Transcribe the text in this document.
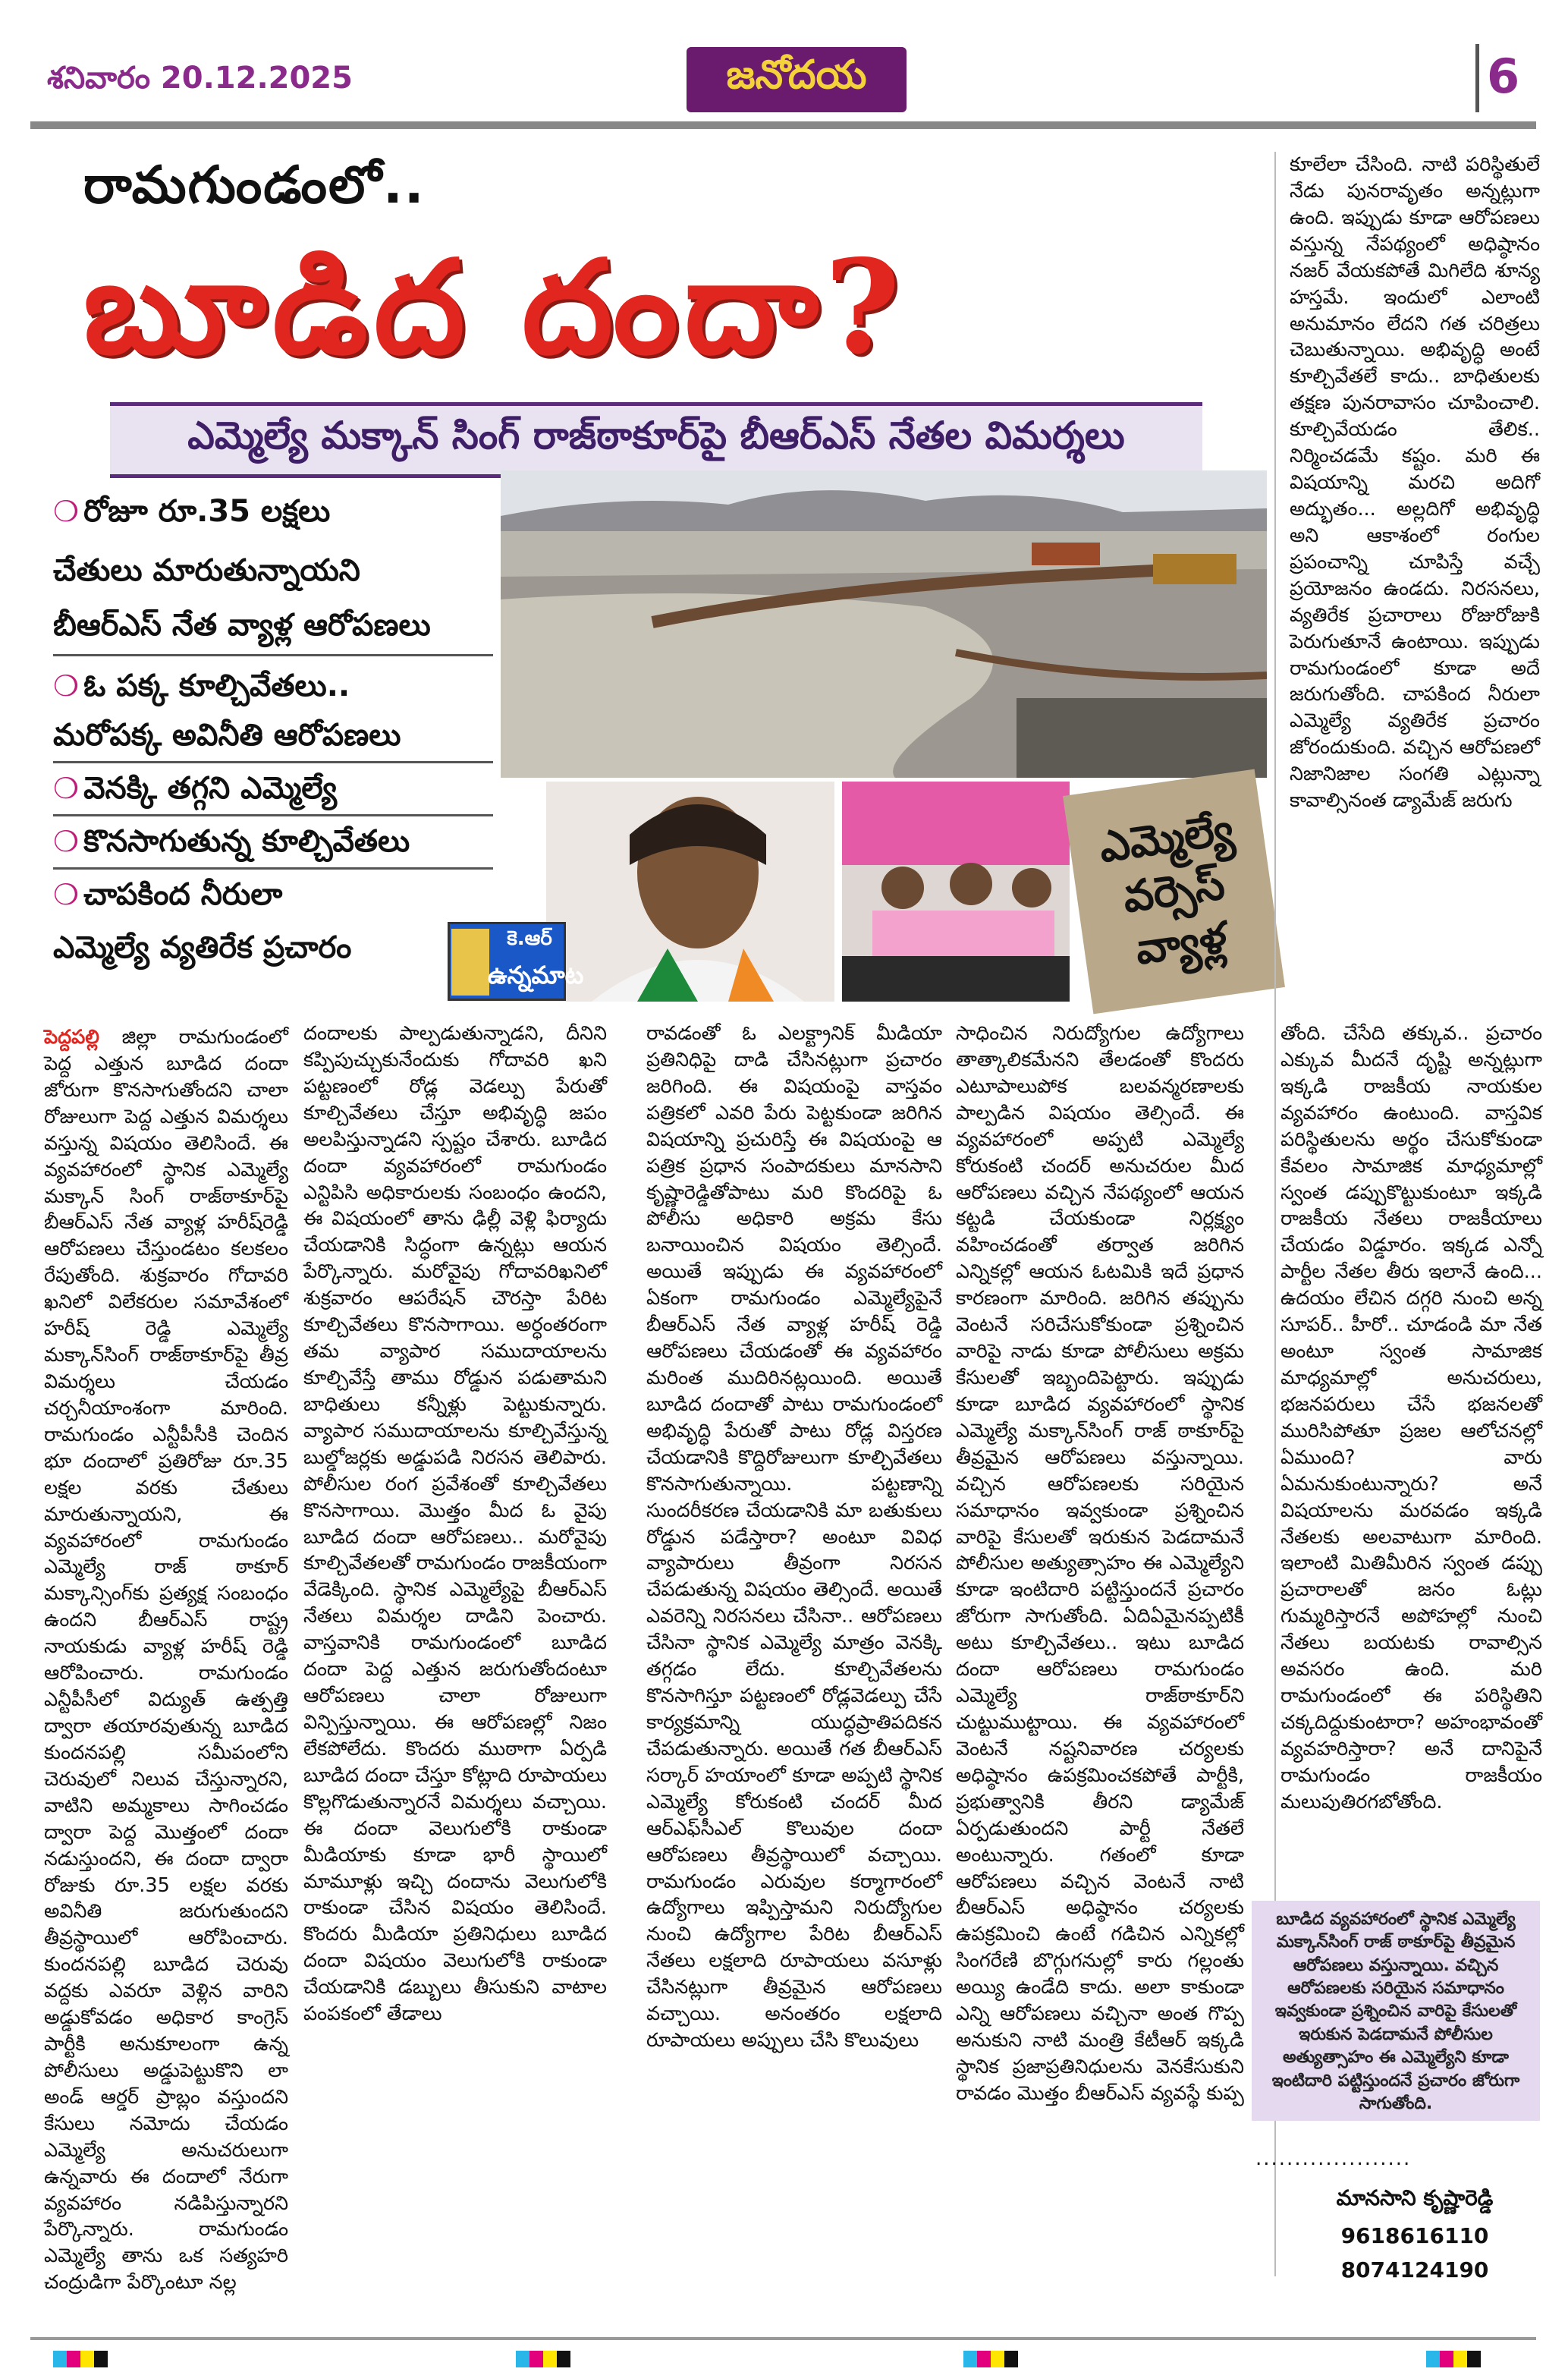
శనివారం 20.12.2025	జనోదయ	6
రామగుండంలో..
బూడిద దందా?
ఎమ్మెల్యే మక్కాన్ సింగ్ రాజ్‌ఠాకూర్‌పై బీఆర్ఎస్ నేతల విమర్శలు
❍ రోజూ రూ.35 లక్షలు
చేతులు మారుతున్నాయని
బీఆర్ఎస్ నేత వ్యాళ్ల ఆరోపణలు
❍ ఓ పక్క కూల్చివేతలు..
మరోపక్క అవినీతి ఆరోపణలు
❍ వెనక్కి తగ్గని ఎమ్మెల్యే
❍ కొనసాగుతున్న కూల్చివేతలు
❍ చాపకింద నీరులా
ఎమ్మెల్యే వ్యతిరేక ప్రచారం
ఎమ్మెల్యే
వర్సెస్
వ్యాళ్ల
కె.ఆర్
ఉన్నమాట
కూలేలా చేసింది. నాటి పరిస్థితులే నేడు పునరావృతం అన్నట్లుగా ఉంది. ఇప్పుడు కూడా ఆరోపణలు వస్తున్న నేపథ్యంలో అధిష్ఠానం నజర్ వేయకపోతే మిగిలేది శూన్య హస్తమే. ఇందులో ఎలాంటి అనుమానం లేదని గత చరిత్రలు చెబుతున్నాయి. అభివృద్ధి అంటే కూల్చివేతలే కాదు.. బాధితులకు తక్షణ పునరావాసం చూపించాలి. కూల్చివేయడం తేలిక.. నిర్మించడమే కష్టం. మరి ఈ విషయాన్ని మరచి అదిగో అద్భుతం... అల్లదిగో అభివృద్ధి అని ఆకాశంలో రంగుల ప్రపంచాన్ని చూపిస్తే వచ్చే ప్రయోజనం ఉండదు. నిరసనలు, వ్యతిరేక ప్రచారాలు రోజురోజుకి పెరుగుతూనే ఉంటాయి. ఇప్పుడు రామగుండంలో కూడా అదే జరుగుతోంది. చాపకింద నీరులా ఎమ్మెల్యే వ్యతిరేక ప్రచారం జోరందుకుంది. వచ్చిన ఆరోపణలో నిజానిజాల సంగతి ఎట్లున్నా కావాల్సినంత డ్యామేజ్ జరుగు
పెద్దపల్లి జిల్లా రామగుండంలో పెద్ద ఎత్తున బూడిద దందా జోరుగా కొనసాగుతోందని చాలా రోజులుగా పెద్ద ఎత్తున విమర్శలు వస్తున్న విషయం తెలిసిందే. ఈ వ్యవహారంలో స్థానిక ఎమ్మెల్యే మక్కాన్ సింగ్ రాజ్‌ఠాకూర్‌పై బీఆర్ఎస్ నేత వ్యాళ్ల హరీష్‌రెడ్డి ఆరోపణలు చేస్తుండటం కలకలం రేపుతోంది. శుక్రవారం గోదావరి ఖనిలో విలేకరుల సమావేశంలో హరీష్ రెడ్డి ఎమ్మెల్యే మక్కాన్‌సింగ్ రాజ్‌ఠాకూర్‌పై తీవ్ర విమర్శలు చేయడం చర్చనీయాంశంగా మారింది. రామగుండం ఎన్టీపీసీకి చెందిన భూ దందాలో ప్రతిరోజు రూ.35 లక్షల వరకు చేతులు మారుతున్నాయని, ఈ వ్యవహారంలో రామగుండం ఎమ్మెల్యే రాజ్ ఠాకూర్ మక్కాన్సింగ్‌కు ప్రత్యక్ష సంబంధం ఉందని బీఆర్ఎస్ రాష్ట్ర నాయకుడు వ్యాళ్ల హరీష్ రెడ్డి ఆరోపించారు. రామగుండం ఎన్టీపీసీలో విద్యుత్ ఉత్పత్తి ద్వారా తయారవుతున్న బూడిద కుందనపల్లి సమీపంలోని చెరువులో నిలువ చేస్తున్నారని, వాటిని అమ్మకాలు సాగించడం ద్వారా పెద్ద మొత్తంలో దందా నడుస్తుందని, ఈ దందా ద్వారా రోజుకు రూ.35 లక్షల వరకు అవినీతి జరుగుతుందని తీవ్రస్థాయిలో ఆరోపించారు. కుందనపల్లి బూడిద చెరువు వద్దకు ఎవరూ వెళ్లిన వారిని అడ్డుకోవడం అధికార కాంగ్రెస్ పార్టీకి అనుకూలంగా ఉన్న పోలీసులు అడ్డుపెట్టుకొని లా అండ్ ఆర్డర్ ప్రాబ్లం వస్తుందని కేసులు నమోదు చేయడం ఎమ్మెల్యే అనుచరులుగా ఉన్నవారు ఈ దందాలో నేరుగా వ్యవహారం నడిపిస్తున్నారని పేర్కొన్నారు. రామగుండం ఎమ్మెల్యే తాను ఒక సత్యహరి చంద్రుడిగా పేర్కొంటూ నల్ల
దందాలకు పాల్పడుతున్నాడని, దీనిని కప్పిపుచ్చుకునేందుకు గోదావరి ఖని పట్టణంలో రోడ్ల వెడల్పు పేరుతో కూల్చివేతలు చేస్తూ అభివృద్ధి జపం అలపిస్తున్నాడని స్పష్టం చేశారు. బూడిద దందా వ్యవహారంలో రామగుండం ఎన్టిపిసి అధికారులకు సంబంధం ఉందని, ఈ విషయంలో తాను ఢిల్లీ వెళ్లి ఫిర్యాదు చేయడానికి సిద్ధంగా ఉన్నట్లు ఆయన పేర్కొన్నారు. మరోవైపు గోదావరిఖనిలో శుక్రవారం ఆపరేషన్ చౌరస్తా పేరిట కూల్చివేతలు కొనసాగాయి. అర్ధంతరంగా తమ వ్యాపార సముదాయాలను కూల్చివేస్తే తాము రోడ్డున పడుతామని బాధితులు కన్నీళ్లు పెట్టుకున్నారు. వ్యాపార సముదాయాలను కూల్చివేస్తున్న బుల్డోజర్లకు అడ్డుపడి నిరసన తెలిపారు. పోలీసుల రంగ ప్రవేశంతో కూల్చివేతలు కొనసాగాయి. మొత్తం మీద ఓ వైపు బూడిద దందా ఆరోపణలు.. మరోవైపు కూల్చివేతలతో రామగుండం రాజకీయంగా వేడెక్కింది. స్థానిక ఎమ్మెల్యేపై బీఆర్ఎస్ నేతలు విమర్శల దాడిని పెంచారు. వాస్తవానికి రామగుండంలో బూడిద దందా పెద్ద ఎత్తున జరుగుతోందంటూ ఆరోపణలు చాలా రోజులుగా విన్పిస్తున్నాయి. ఈ ఆరోపణల్లో నిజం లేకపోలేదు. కొందరు ముఠాగా ఏర్పడి బూడిద దందా చేస్తూ కోట్లాది రూపాయలు కొల్లగొడుతున్నారనే విమర్శలు వచ్చాయి. ఈ దందా వెలుగులోకి రాకుండా మీడియాకు కూడా భారీ స్థాయిలో మామూళ్లు ఇచ్చి దందాను వెలుగులోకి రాకుండా చేసిన విషయం తెలిసిందే. కొందరు మీడియా ప్రతినిధులు బూడిద దందా విషయం వెలుగులోకి రాకుండా చేయడానికి డబ్బులు తీసుకుని వాటాల పంపకంలో తేడాలు
రావడంతో ఓ ఎలక్ట్రానిక్ మీడియా ప్రతినిధిపై దాడి చేసినట్లుగా ప్రచారం జరిగింది. ఈ విషయంపై వాస్తవం పత్రికలో ఎవరి పేరు పెట్టకుండా జరిగిన విషయాన్ని ప్రచురిస్తే ఈ విషయంపై ఆ పత్రిక ప్రధాన సంపాదకులు మానసాని కృష్ణారెడ్డితోపాటు మరి కొందరిపై ఓ పోలీసు అధికారి అక్రమ కేసు బనాయించిన విషయం తెల్సిందే. అయితే ఇప్పుడు ఈ వ్యవహారంలో ఏకంగా రామగుండం ఎమ్మెల్యేపైనే బీఆర్ఎస్ నేత వ్యాళ్ల హరీష్ రెడ్డి ఆరోపణలు చేయడంతో ఈ వ్యవహారం మరింత ముదిరినట్లయింది. అయితే బూడిద దందాతో పాటు రామగుండంలో అభివృద్ధి పేరుతో పాటు రోడ్ల విస్తరణ చేయడానికి కొద్దిరోజులుగా కూల్చివేతలు కొనసాగుతున్నాయి. పట్టణాన్ని సుందరీకరణ చేయడానికి మా బతుకులు రోడ్డున పడేస్తారా? అంటూ వివిధ వ్యాపారులు తీవ్రంగా నిరసన చేపడుతున్న విషయం తెల్సిందే. అయితే ఎవరెన్ని నిరసనలు చేసినా.. ఆరోపణలు చేసినా స్థానిక ఎమ్మెల్యే మాత్రం వెనక్కి తగ్గడం లేదు. కూల్చివేతలను కొనసాగిస్తూ పట్టణంలో రోడ్లవెడల్పు చేసే కార్యక్రమాన్ని యుద్ధప్రాతిపదికన చేపడుతున్నారు. అయితే గత బీఆర్ఎస్ సర్కార్ హయాంలో కూడా అప్పటి స్థానిక ఎమ్మెల్యే కోరుకంటి చందర్ మీద ఆర్ఎఫ్‌సీఎల్ కొలువుల దందా ఆరోపణలు తీవ్రస్థాయిలో వచ్చాయి. రామగుండం ఎరువుల కర్మాగారంలో ఉద్యోగాలు ఇప్పిస్తామని నిరుద్యోగుల నుంచి ఉద్యోగాల పేరిట బీఆర్ఎస్ నేతలు లక్షలాది రూపాయలు వసూళ్లు చేసినట్లుగా తీవ్రమైన ఆరోపణలు వచ్చాయి. అనంతరం లక్షలాది రూపాయలు అప్పులు చేసి కొలువులు
సాధించిన నిరుద్యోగుల ఉద్యోగాలు తాత్కాలికమేనని తేలడంతో కొందరు ఎటూపాలుపోక బలవన్మరణాలకు పాల్పడిన విషయం తెల్సిందే. ఈ వ్యవహారంలో అప్పటి ఎమ్మెల్యే కోరుకంటి చందర్ అనుచరుల మీద ఆరోపణలు వచ్చిన నేపథ్యంలో ఆయన కట్టడి చేయకుండా నిర్లక్ష్యం వహించడంతో తర్వాత జరిగిన ఎన్నికల్లో ఆయన ఓటమికి ఇదే ప్రధాన కారణంగా మారింది. జరిగిన తప్పును వెంటనే సరిచేసుకోకుండా ప్రశ్నించిన వారిపై నాడు కూడా పోలీసులు అక్రమ కేసులతో ఇబ్బందిపెట్టారు. ఇప్పుడు కూడా బూడిద వ్యవహారంలో స్థానిక ఎమ్మెల్యే మక్కాన్‌సింగ్ రాజ్ ఠాకూర్‌పై తీవ్రమైన ఆరోపణలు వస్తున్నాయి. వచ్చిన ఆరోపణలకు సరియైన సమాధానం ఇవ్వకుండా ప్రశ్నించిన వారిపై కేసులతో ఇరుకున పెడదామనే పోలీసుల అత్యుత్సాహం ఈ ఎమ్మెల్యేని కూడా ఇంటిదారి పట్టిస్తుందనే ప్రచారం జోరుగా సాగుతోంది. ఏదిఏమైనప్పటికీ అటు కూల్చివేతలు.. ఇటు బూడిద దందా ఆరోపణలు రామగుండం ఎమ్మెల్యే రాజ్‌ఠాకూర్‌ని చుట్టుముట్టాయి. ఈ వ్యవహారంలో వెంటనే నష్టనివారణ చర్యలకు అధిష్ఠానం ఉపక్రమించకపోతే పార్టీకి, ప్రభుత్వానికి తీరని డ్యామేజ్ ఏర్పడుతుందని పార్టీ నేతలే అంటున్నారు. గతంలో కూడా ఆరోపణలు వచ్చిన వెంటనే నాటి బీఆర్ఎస్ అధిష్ఠానం చర్యలకు ఉపక్రమించి ఉంటే గడిచిన ఎన్నికల్లో సింగరేణి బొగ్గుగనుల్లో కారు గల్లంతు అయ్యి ఉండేది కాదు. అలా కాకుండా ఎన్ని ఆరోపణలు వచ్చినా అంత గొప్ప అనుకుని నాటి మంత్రి కేటీఆర్ ఇక్కడి స్థానిక ప్రజాప్రతినిధులను వెనకేసుకుని రావడం మొత్తం బీఆర్ఎస్ వ్యవస్థే కుప్ప
తోంది. చేసేది తక్కువ.. ప్రచారం ఎక్కువ మీదనే దృష్టి అన్నట్లుగా ఇక్కడి రాజకీయ నాయకుల వ్యవహారం ఉంటుంది. వాస్తవిక పరిస్థితులను అర్థం చేసుకోకుండా కేవలం సామాజిక మాధ్యమాల్లో స్వంత డప్పుకొట్టుకుంటూ ఇక్కడి రాజకీయ నేతలు రాజకీయాలు చేయడం విడ్డూరం. ఇక్కడ ఎన్నో పార్టీల నేతల తీరు ఇలానే ఉంది... ఉదయం లేచిన దగ్గరి నుంచి అన్న సూపర్.. హీరో.. చూడండి మా నేత అంటూ స్వంత సామాజిక మాధ్యమాల్లో అనుచరులు, భజనపరులు చేసే భజనలతో మురిసిపోతూ ప్రజల ఆలోచనల్లో ఏముంది? వారు ఏమనుకుంటున్నారు? అనే విషయాలను మరవడం ఇక్కడి నేతలకు అలవాటుగా మారింది. ఇలాంటి మితిమీరిన స్వంత డప్పు ప్రచారాలతో జనం ఓట్లు గుమ్మరిస్తారనే అపోహల్లో నుంచి నేతలు బయటకు రావాల్సిన అవసరం ఉంది. మరి రామగుండంలో ఈ పరిస్థితిని చక్కదిద్దుకుంటారా? అహంభావంతో వ్యవహరిస్తారా? అనే దానిపైనే రామగుండం రాజకీయం మలుపుతిరగబోతోంది.
బూడిద వ్యవహారంలో స్థానిక ఎమ్మెల్యే మక్కాన్‌సింగ్ రాజ్ ఠాకూర్‌పై తీవ్రమైన ఆరోపణలు వస్తున్నాయి. వచ్చిన ఆరోపణలకు సరియైన సమాధానం ఇవ్వకుండా ప్రశ్నించిన వారిపై కేసులతో ఇరుకున పెడదామనే పోలీసుల అత్యుత్సాహం ఈ ఎమ్మెల్యేని కూడా ఇంటిదారి పట్టిస్తుందనే ప్రచారం జోరుగా సాగుతోంది.
....................
మానసాని కృష్ణారెడ్డి
9618616110
8074124190
